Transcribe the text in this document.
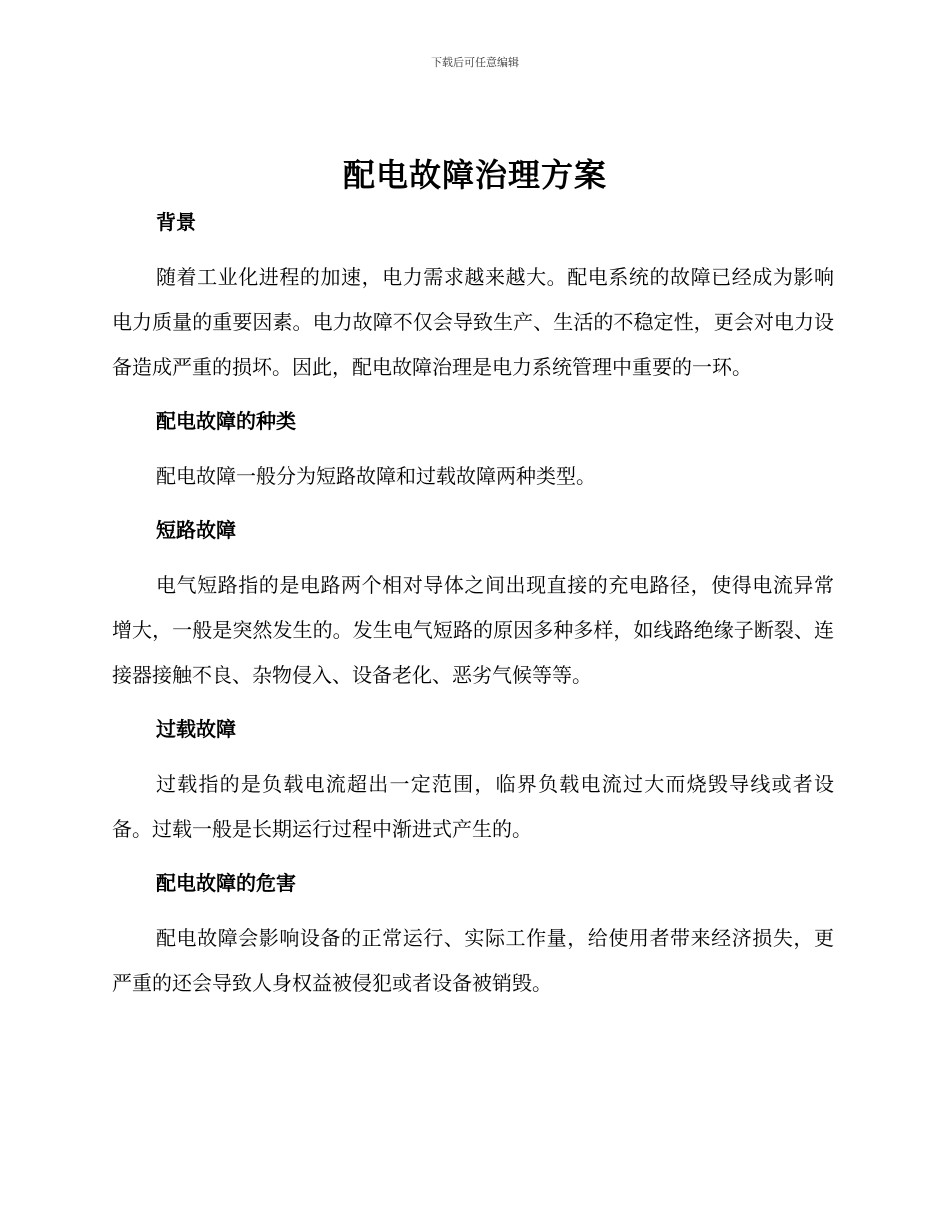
下载后可任意编辑
配电故障治理方案
背景

随着工业化进程的加速，电力需求越来越大。配电系统的故障已经成为影响电力质量的重要因素。电力故障不仅会导致生产、生活的不稳定性，更会对电力设备造成严重的损坏。因此，配电故障治理是电力系统管理中重要的一环。

配电故障的种类

配电故障一般分为短路故障和过载故障两种类型。

短路故障

电气短路指的是电路两个相对导体之间出现直接的充电路径，使得电流异常增大，一般是突然发生的。发生电气短路的原因多种多样，如线路绝缘子断裂、连接器接触不良、杂物侵入、设备老化、恶劣气候等等。

过载故障

过载指的是负载电流超出一定范围，临界负载电流过大而烧毁导线或者设备。过载一般是长期运行过程中渐进式产生的。

配电故障的危害

配电故障会影响设备的正常运行、实际工作量，给使用者带来经济损失，更严重的还会导致人身权益被侵犯或者设备被销毁。
